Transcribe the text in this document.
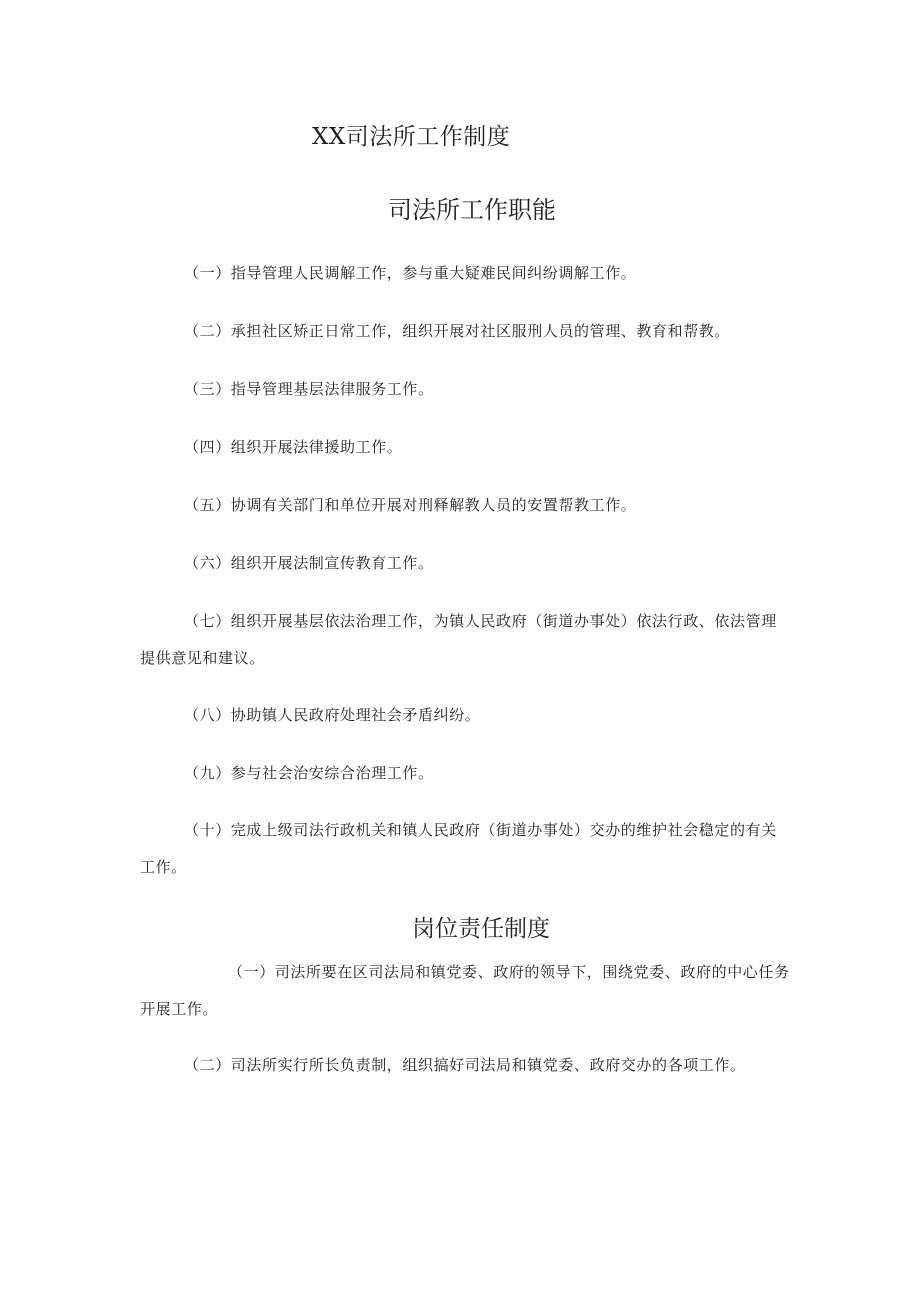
XX司法所工作制度
司法所工作职能

（一）指导管理人民调解工作，参与重大疑难民间纠纷调解工作。

（二）承担社区矫正日常工作，组织开展对社区服刑人员的管理、教育和帮教。

（三）指导管理基层法律服务工作。

（四）组织开展法律援助工作。

（五）协调有关部门和单位开展对刑释解教人员的安置帮教工作。

（六）组织开展法制宣传教育工作。

（七）组织开展基层依法治理工作，为镇人民政府（街道办事处）依法行政、依法管理提供意见和建议。

（八）协助镇人民政府处理社会矛盾纠纷。

（九）参与社会治安综合治理工作。

（十）完成上级司法行政机关和镇人民政府（街道办事处）交办的维护社会稳定的有关工作。

岗位责任制度

（一）司法所要在区司法局和镇党委、政府的领导下，围绕党委、政府的中心任务开展工作。

（二）司法所实行所长负责制，组织搞好司法局和镇党委、政府交办的各项工作。
